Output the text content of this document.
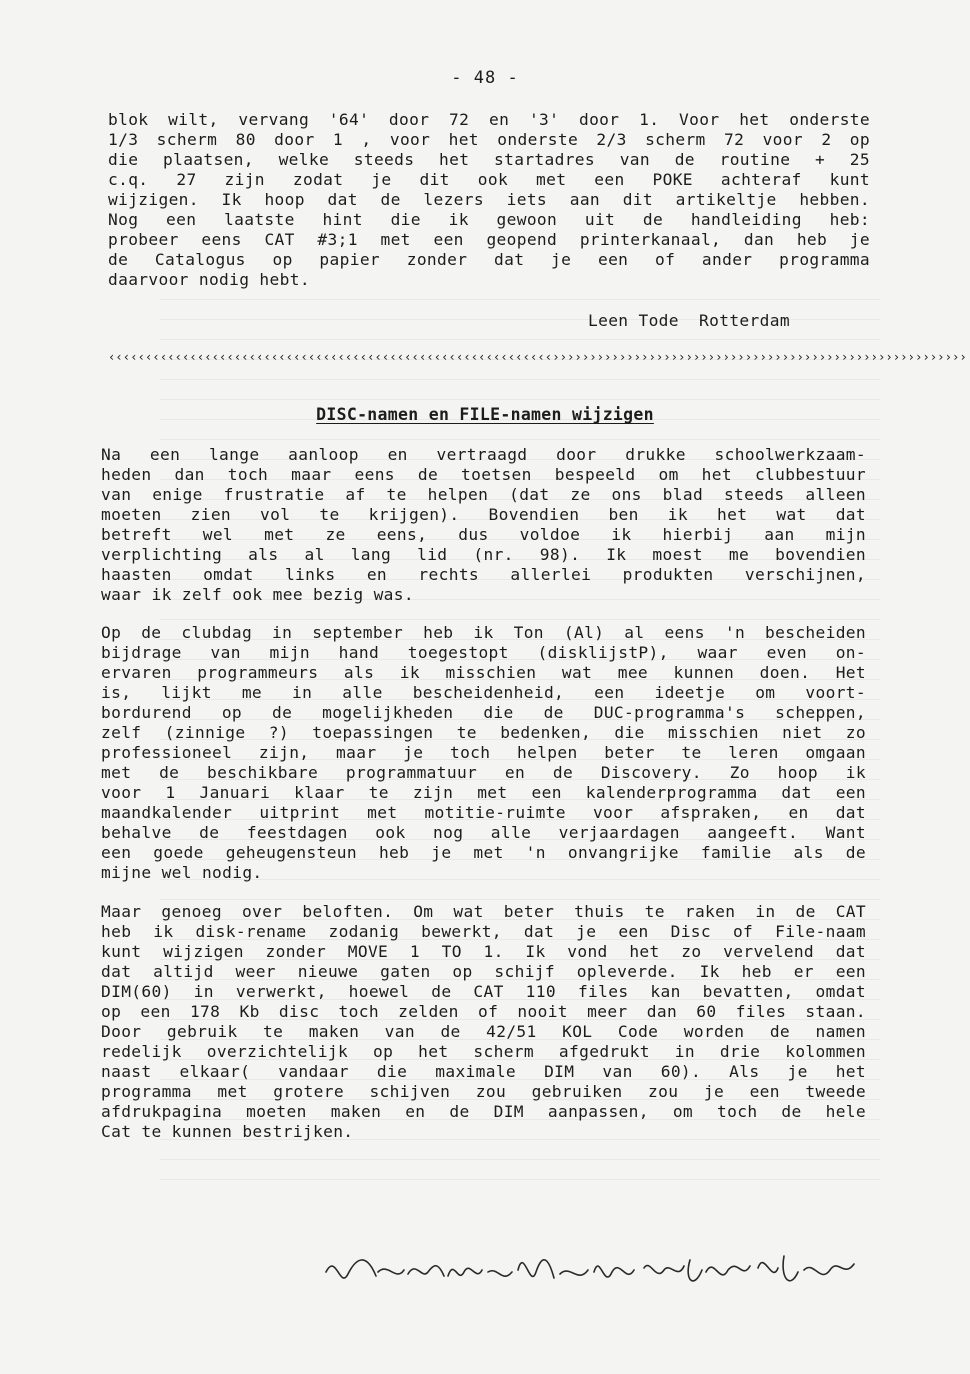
- 48 -
blok wilt, vervang '64' door 72 en '3' door 1. Voor het onderste
1/3 scherm 80 door 1 , voor het onderste 2/3 scherm 72 voor 2 op
die plaatsen, welke steeds het startadres van de routine + 25
c.q. 27 zijn zodat je dit ook met een POKE achteraf kunt
wijzigen. Ik hoop dat de lezers iets aan dit artikeltje hebben.
Nog een laatste hint die ik gewoon uit de handleiding heb:
probeer eens CAT #3;1 met een geopend printerkanaal, dan heb je
de Catalogus op papier zonder dat je een of ander programma
daarvoor nodig hebt.
Leen Tode  Rotterdam
‹‹‹‹‹‹‹‹‹‹‹‹‹‹‹‹‹‹‹‹‹‹‹‹‹‹‹‹‹‹‹‹‹‹‹‹‹‹‹‹‹‹‹‹‹‹‹‹‹‹‹‹‹‹‹‹‹‹‹‹››››››››››››››››››››››››››››››››››››››››››››››››››››››››
DISC-namen en FILE-namen wijzigen
Na een lange aanloop en vertraagd door drukke schoolwerkzaam-
heden dan toch maar eens de toetsen bespeeld om het clubbestuur
van enige frustratie af te helpen (dat ze ons blad steeds alleen
moeten zien vol te krijgen). Bovendien ben ik het wat dat
betreft wel met ze eens, dus voldoe ik hierbij aan mijn
verplichting als al lang lid (nr. 98). Ik moest me bovendien
haasten omdat links en rechts allerlei produkten verschijnen,
waar ik zelf ook mee bezig was.
Op de clubdag in september heb ik Ton (Al) al eens 'n bescheiden
bijdrage van mijn hand toegestopt (disklijstP), waar even on-
ervaren programmeurs als ik misschien wat mee kunnen doen. Het
is, lijkt me in alle bescheidenheid, een ideetje om voort-
bordurend op de mogelijkheden die de DUC-programma's scheppen,
zelf (zinnige ?) toepassingen te bedenken, die misschien niet zo
professioneel zijn, maar je toch helpen beter te leren omgaan
met de beschikbare programmatuur en de Discovery. Zo hoop ik
voor 1 Januari klaar te zijn met een kalenderprogramma dat een
maandkalender uitprint met motitie-ruimte voor afspraken, en dat
behalve de feestdagen ook nog alle verjaardagen aangeeft. Want
een goede geheugensteun heb je met 'n onvangrijke familie als de
mijne wel nodig.
Maar genoeg over beloften. Om wat beter thuis te raken in de CAT
heb ik disk-rename zodanig bewerkt, dat je een Disc of File-naam
kunt wijzigen zonder MOVE 1 TO 1. Ik vond het zo vervelend dat
dat altijd weer nieuwe gaten op schijf opleverde. Ik heb er een
DIM(60) in verwerkt, hoewel de CAT 110 files kan bevatten, omdat
op een 178 Kb disc toch zelden of nooit meer dan 60 files staan.
Door gebruik te maken van de 42/51 KOL Code worden de namen
redelijk overzichtelijk op het scherm afgedrukt in drie kolommen
naast elkaar( vandaar die maximale DIM van 60). Als je het
programma met grotere schijven zou gebruiken zou je een tweede
afdrukpagina moeten maken en de DIM aanpassen, om toch de hele
Cat te kunnen bestrijken.
